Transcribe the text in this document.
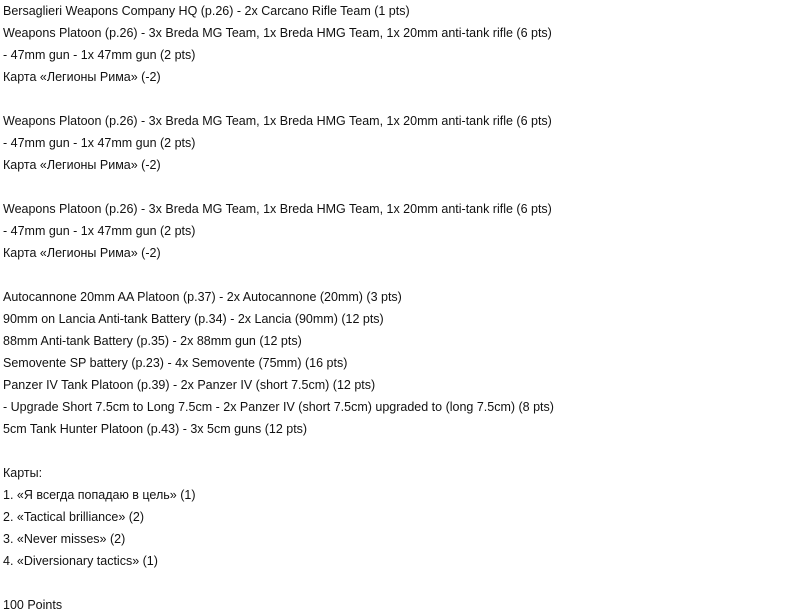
Bersaglieri Weapons Company HQ (p.26) - 2x Carcano Rifle Team (1 pts)
Weapons Platoon (p.26) - 3x Breda MG Team, 1x Breda HMG Team, 1x 20mm anti-tank rifle (6 pts)
- 47mm gun - 1x 47mm gun (2 pts)
Карта «Легионы Рима» (-2)
Weapons Platoon (p.26) - 3x Breda MG Team, 1x Breda HMG Team, 1x 20mm anti-tank rifle (6 pts)
- 47mm gun - 1x 47mm gun (2 pts)
Карта «Легионы Рима» (-2)
Weapons Platoon (p.26) - 3x Breda MG Team, 1x Breda HMG Team, 1x 20mm anti-tank rifle (6 pts)
- 47mm gun - 1x 47mm gun (2 pts)
Карта «Легионы Рима» (-2)
Autocannone 20mm AA Platoon (p.37) - 2x Autocannone (20mm) (3 pts)
90mm on Lancia Anti-tank Battery (p.34) - 2x Lancia (90mm) (12 pts)
88mm Anti-tank Battery (p.35) - 2x 88mm gun (12 pts)
Semovente SP battery (p.23) - 4x Semovente (75mm) (16 pts)
Panzer IV Tank Platoon (p.39) - 2x Panzer IV (short 7.5cm) (12 pts)
- Upgrade Short 7.5cm to Long 7.5cm - 2x Panzer IV (short 7.5cm) upgraded to (long 7.5cm) (8 pts)
5cm Tank Hunter Platoon (p.43) - 3x 5cm guns (12 pts)
Карты:
1. «Я всегда попадаю в цель» (1)
2. «Tactical brilliance» (2)
3. «Never misses» (2)
4. «Diversionary tactics» (1)
100 Points
